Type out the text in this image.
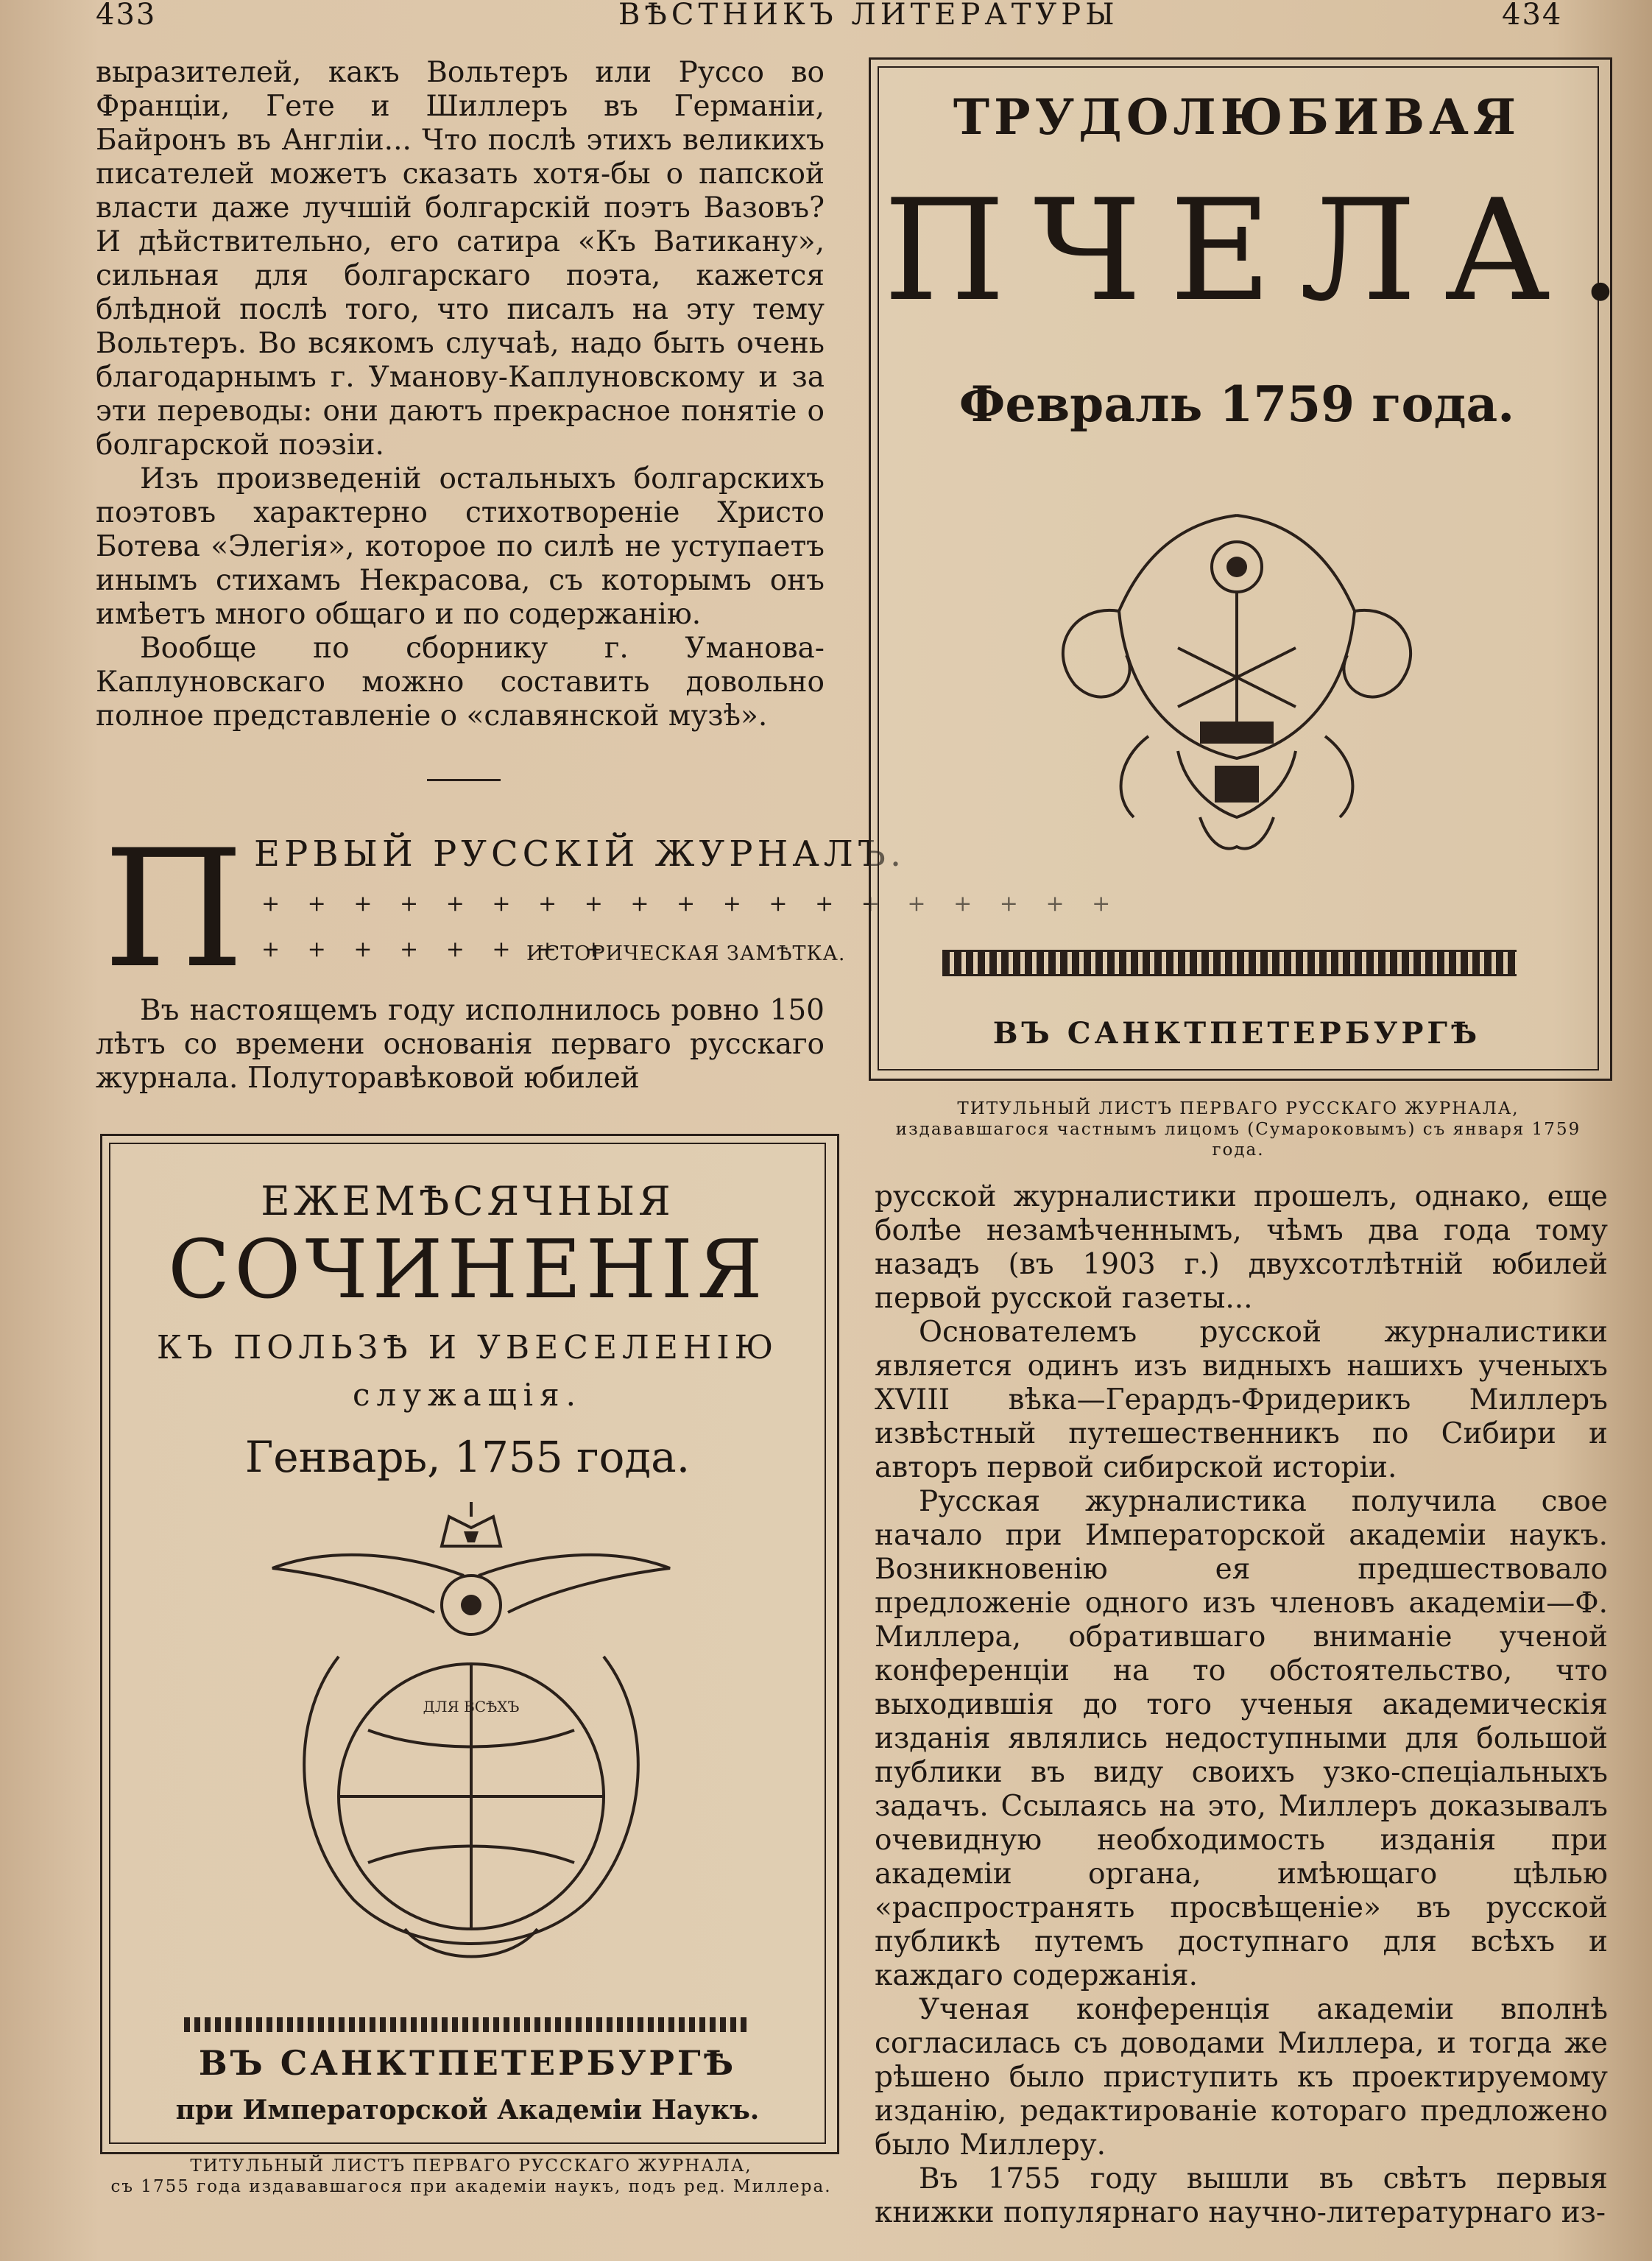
433	ВѢСТНИКЪ ЛИТЕРАТУРЫ	434

выразителей, какъ Вольтеръ или Руссо во Франціи, Гете и Шиллеръ въ Германіи, Байронъ въ Англіи... Что послѣ этихъ великихъ писателей можетъ сказать хотя-бы о папской власти даже лучшій болгарскій поэтъ Вазовъ? И дѣйствительно, его сатира «Къ Ватикану», сильная для болгарскаго поэта, кажется блѣдной послѣ того, что писалъ на эту тему Вольтеръ. Во всякомъ случаѣ, надо быть очень благодарнымъ г. Уманову-Каплуновскому и за эти переводы: они даютъ прекрасное понятіе о болгарской поэзіи.

Изъ произведеній остальныхъ болгарскихъ поэтовъ характерно стихотвореніе Христо Ботева «Элегія», которое по силѣ не уступаетъ инымъ стихамъ Некрасова, съ которымъ онъ имѣетъ много общаго и по содержанію.

Вообще по сборнику г. Уманова-Каплуновскаго можно составить довольно полное представленіе о «славянской музѣ».

П ЕРВЫЙ РУССКІЙ ЖУРНАЛЪ.
+ + + + + + + + + + + + + + + + + + +
+ + + + + + + +
ИСТОРИЧЕСКАЯ ЗАМѢТКА.

Въ настоящемъ году исполнилось ровно 150 лѣтъ со времени основанія перваго русскаго журнала. Полуторавѣковой юбилей

ТРУДОЛЮБИВАЯ
ПЧЕЛА.
Февраль 1759 года.
ВЪ САНКТПЕТЕРБУРГѢ
ТИТУЛЬНЫЙ ЛИСТЪ ПЕРВАГО РУССКАГО ЖУРНАЛА,
издававшагося частнымъ лицомъ (Сумароковымъ) съ января 1759 года.
ЕЖЕМѢСЯЧНЫЯ
СОЧИНЕНІЯ
КЪ ПОЛЬЗѢ И УВЕСЕЛЕНІЮ
служащія.
Генварь, 1755 года.
ДЛЯ ВСѢХЪ
ВЪ САНКТПЕТЕРБУРГѢ
при Императорской Академіи Наукъ.
ТИТУЛЬНЫЙ ЛИСТЪ ПЕРВАГО РУССКАГО ЖУРНАЛА,
съ 1755 года издававшагося при академіи наукъ, подъ ред. Миллера.

русской журналистики прошелъ, однако, еще болѣе незамѣченнымъ, чѣмъ два года тому назадъ (въ 1903 г.) двухсотлѣтній юбилей первой русской газеты...

Основателемъ русской журналистики является одинъ изъ видныхъ нашихъ ученыхъ XVIII вѣка—Герардъ-Фридерикъ Миллеръ извѣстный путешественникъ по Сибири и авторъ первой сибирской исторіи.

Русская журналистика получила свое начало при Императорской академіи наукъ. Возникновенію ея предшествовало предложеніе одного изъ членовъ академіи—Ф. Миллера, обратившаго вниманіе ученой конференціи на то обстоятельство, что выходившія до того ученыя академическія изданія являлись недоступными для большой публики въ виду своихъ узко-спеціальныхъ задачъ. Ссылаясь на это, Миллеръ доказывалъ очевидную необходимость изданія при академіи органа, имѣющаго цѣлью «распространять просвѣщеніе» въ русской публикѣ путемъ доступнаго для всѣхъ и каждаго содержанія.

Ученая конференція академіи вполнѣ согласилась съ доводами Миллера, и тогда же рѣшено было приступить къ проектируемому изданію, редактированіе котораго предложено было Миллеру.

Въ 1755 году вышли въ свѣтъ первыя книжки популярнаго научно-литературнаго из-
